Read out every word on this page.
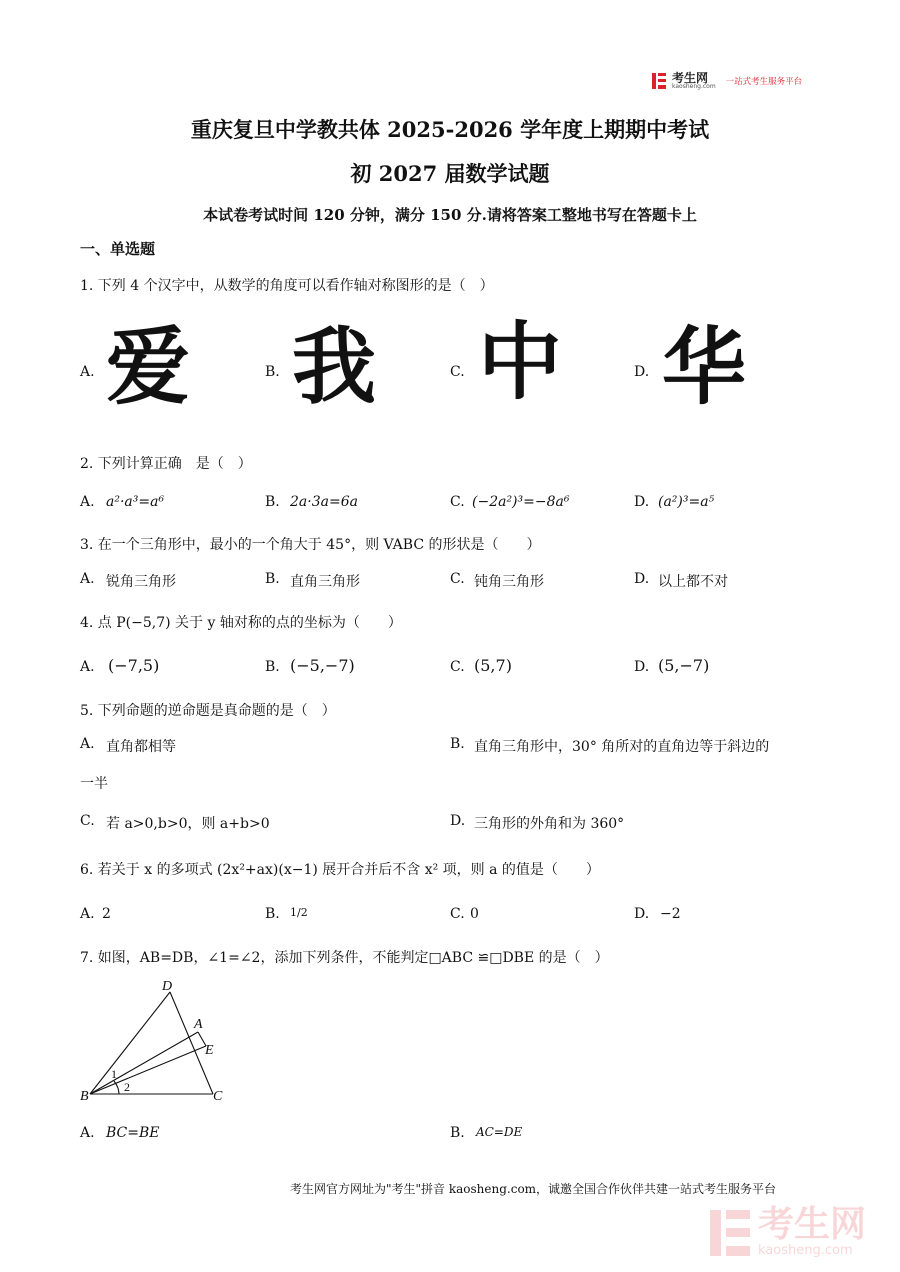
考生网
kaosheng.com 一站式考生服务平台
重庆复旦中学教共体 2025-2026 学年度上期期中考试
初 2027 届数学试题
本试卷考试时间 120 分钟，满分 150 分.请将答案工整地书写在答题卡上
一、单选题
1. 下列 4 个汉字中，从数学的角度可以看作轴对称图形的是（　）
A. 爱	B. 我	C. 中	D. 华
2. 下列计算正确　是（　）
A. a²·a³=a⁶	B. 2a·3a=6a	C. (−2a²)³=−8a⁶	D. (a²)³=a⁵
3. 在一个三角形中，最小的一个角大于 45°，则 VABC 的形状是（　　）
A. 锐角三角形	B. 直角三角形	C. 钝角三角形	D. 以上都不对
4. 点 P(−5,7) 关于 y 轴对称的点的坐标为（　　）
A. (−7,5)	B. (−5,−7)	C. (5,7)	D. (5,−7)
5. 下列命题的逆命题是真命题的是（　）
A. 直角都相等	B. 直角三角形中，30° 角所对的直角边等于斜边的
一半
C. 若 a>0,b>0，则 a+b>0	D. 三角形的外角和为 360°
6. 若关于 x 的多项式 (2x²+ax)(x−1) 展开合并后不含 x² 项，则 a 的值是（　　）
A. 2	B. 1/2	C. 0	D. −2
7. 如图，AB=DB，∠1=∠2，添加下列条件，不能判定□ABC ≌□DBE 的是（　）
D
A
E
B	C
1
2
A. BC=BE	B. AC=DE
考生网官方网址为"考生"拼音 kaosheng.com，诚邀全国合作伙伴共建一站式考生服务平台
考生网
kaosheng.com
